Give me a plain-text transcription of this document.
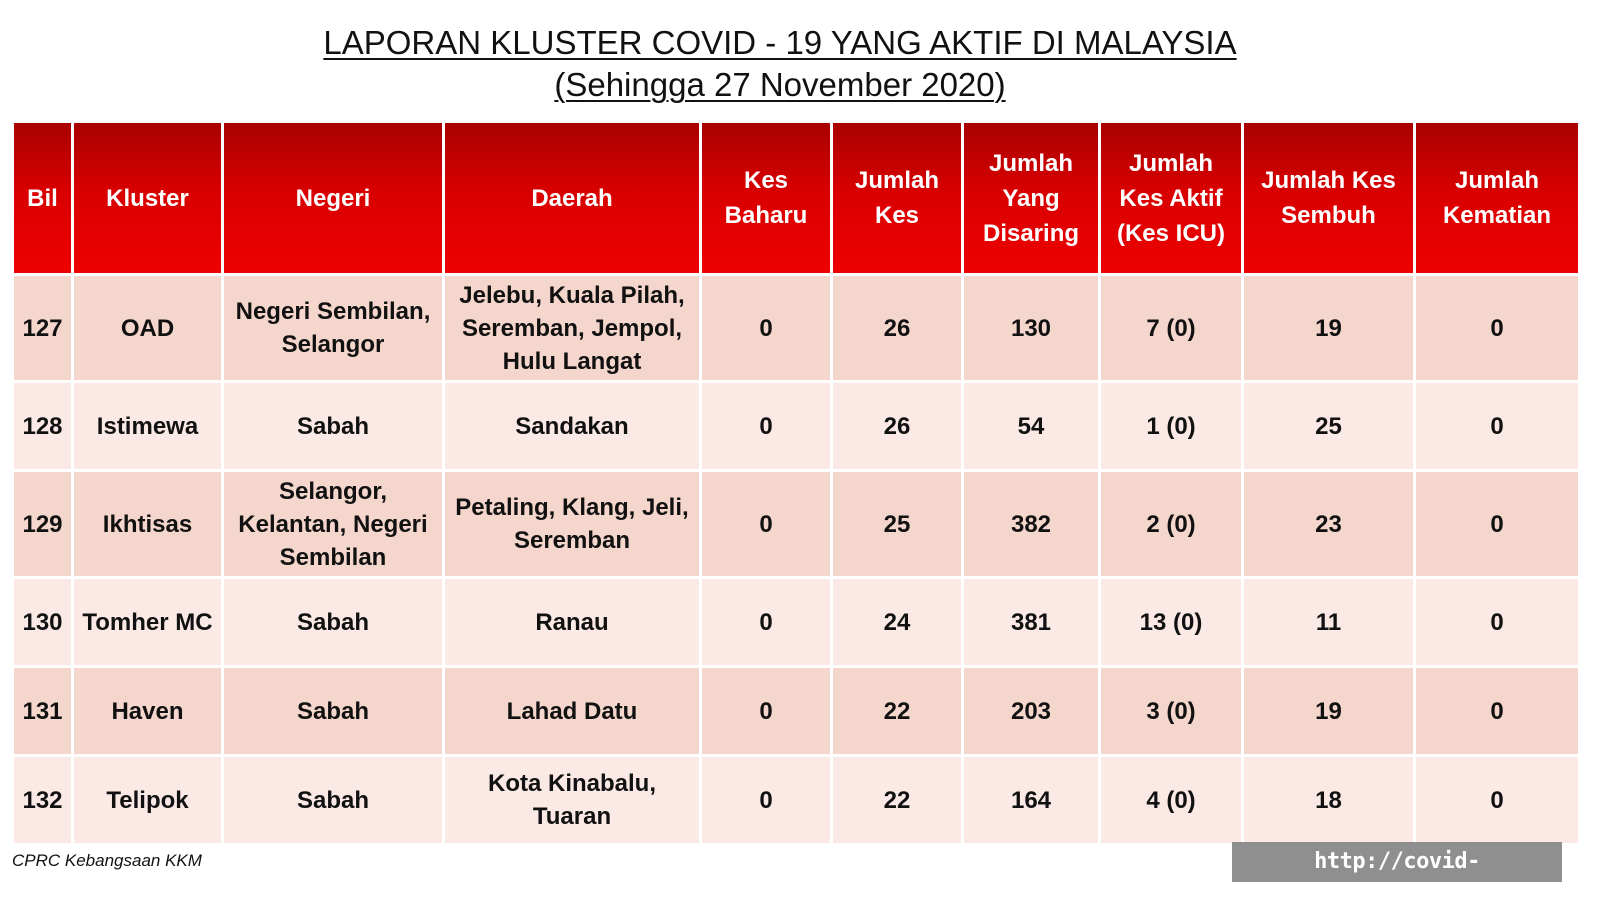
LAPORAN KLUSTER COVID - 19 YANG AKTIF DI MALAYSIA
(Sehingga 27 November 2020)
Bil	Kluster	Negeri	Daerah	Kes Baharu	Jumlah Kes	Jumlah Yang Disaring	Jumlah Kes Aktif (Kes ICU)	Jumlah Kes Sembuh	Jumlah Kematian
127	OAD	Negeri Sembilan, Selangor	Jelebu, Kuala Pilah, Seremban, Jempol, Hulu Langat	0	26	130	7 (0)	19	0
128	Istimewa	Sabah	Sandakan	0	26	54	1 (0)	25	0
129	Ikhtisas	Selangor, Kelantan, Negeri Sembilan	Petaling, Klang, Jeli, Seremban	0	25	382	2 (0)	23	0
130	Tomher MC	Sabah	Ranau	0	24	381	13 (0)	11	0
131	Haven	Sabah	Lahad Datu	0	22	203	3 (0)	19	0
132	Telipok	Sabah	Kota Kinabalu, Tuaran	0	22	164	4 (0)	18	0
CPRC Kebangsaan KKM	http://covid-19.moh.gov.my
